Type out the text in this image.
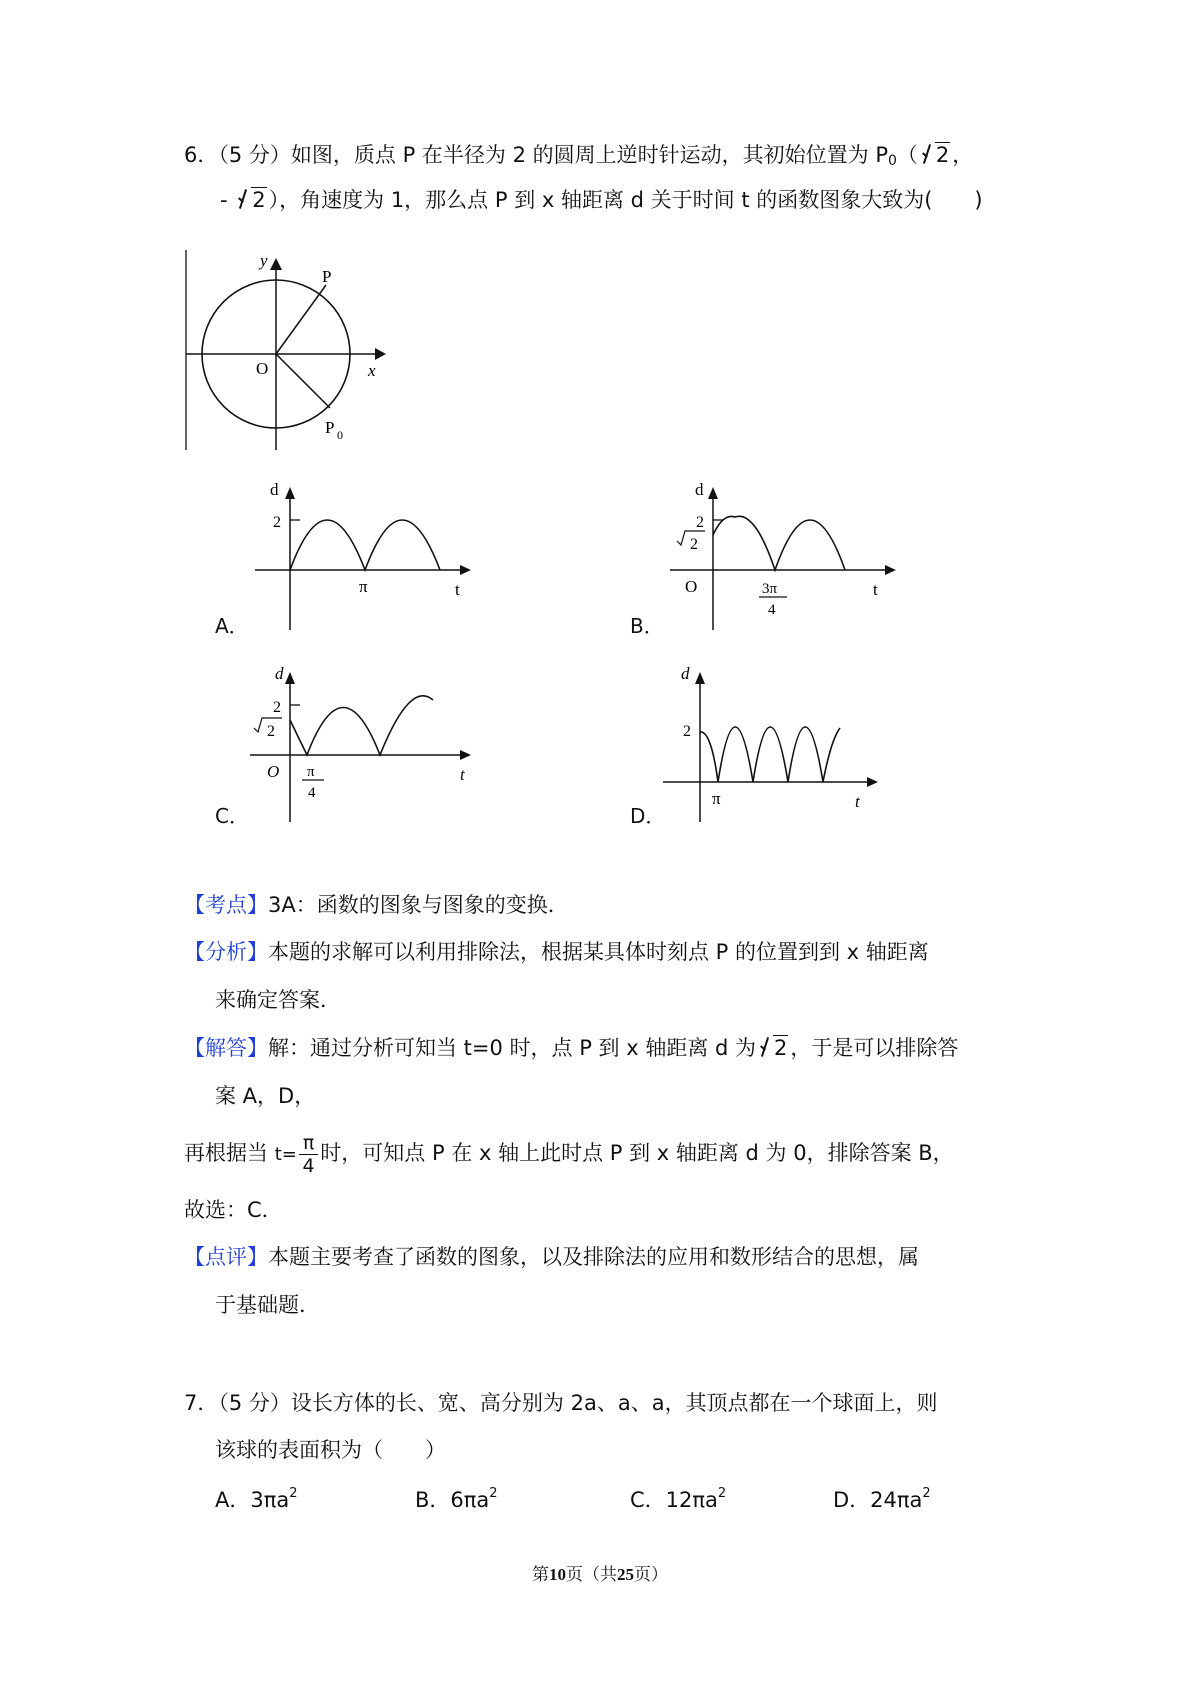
6．（5 分）如图，质点 P 在半径为 2 的圆周上逆时针运动，其初始位置为 $P_0$（ 2 ，
-
2 ），角速度为 1，那么点 P 到 x 轴距离 d 关于时间 t 的函数图象大致为(　　)
y
x
O
P
P 0
d
2
π	t
A．
d
2
2
O	3π
4
t
B．
d
2
2
O π
4
t
C．
d
2
π	t
D．
【考点】3A：函数的图象与图象的变换．
【分析】本题的求解可以利用排除法，根据某具体时刻点 P 的位置到到 x 轴距离
来确定答案．
【解答】解：通过分析可知当 t=0 时，点 P 到 x 轴距离 d 为 2 ，于是可以排除答
案 A，D，
再根据当 $t= \frac{\pi}{4}$ 时，可知点 P 在 x 轴上此时点 P 到 x 轴距离 d 为 0，排除答案 B，
故选：C．
【点评】本题主要考查了函数的图象，以及排除法的应用和数形结合的思想，属
于基础题．
7．（5 分）设长方体的长、宽、高分别为 2a、a、a，其顶点都在一个球面上，则
该球的表面积为（　　）
A．$3\pi a^2$	B．$6\pi a^2$	C．$12\pi a^2$	D．$24\pi a^2$
第10页（共25页）
